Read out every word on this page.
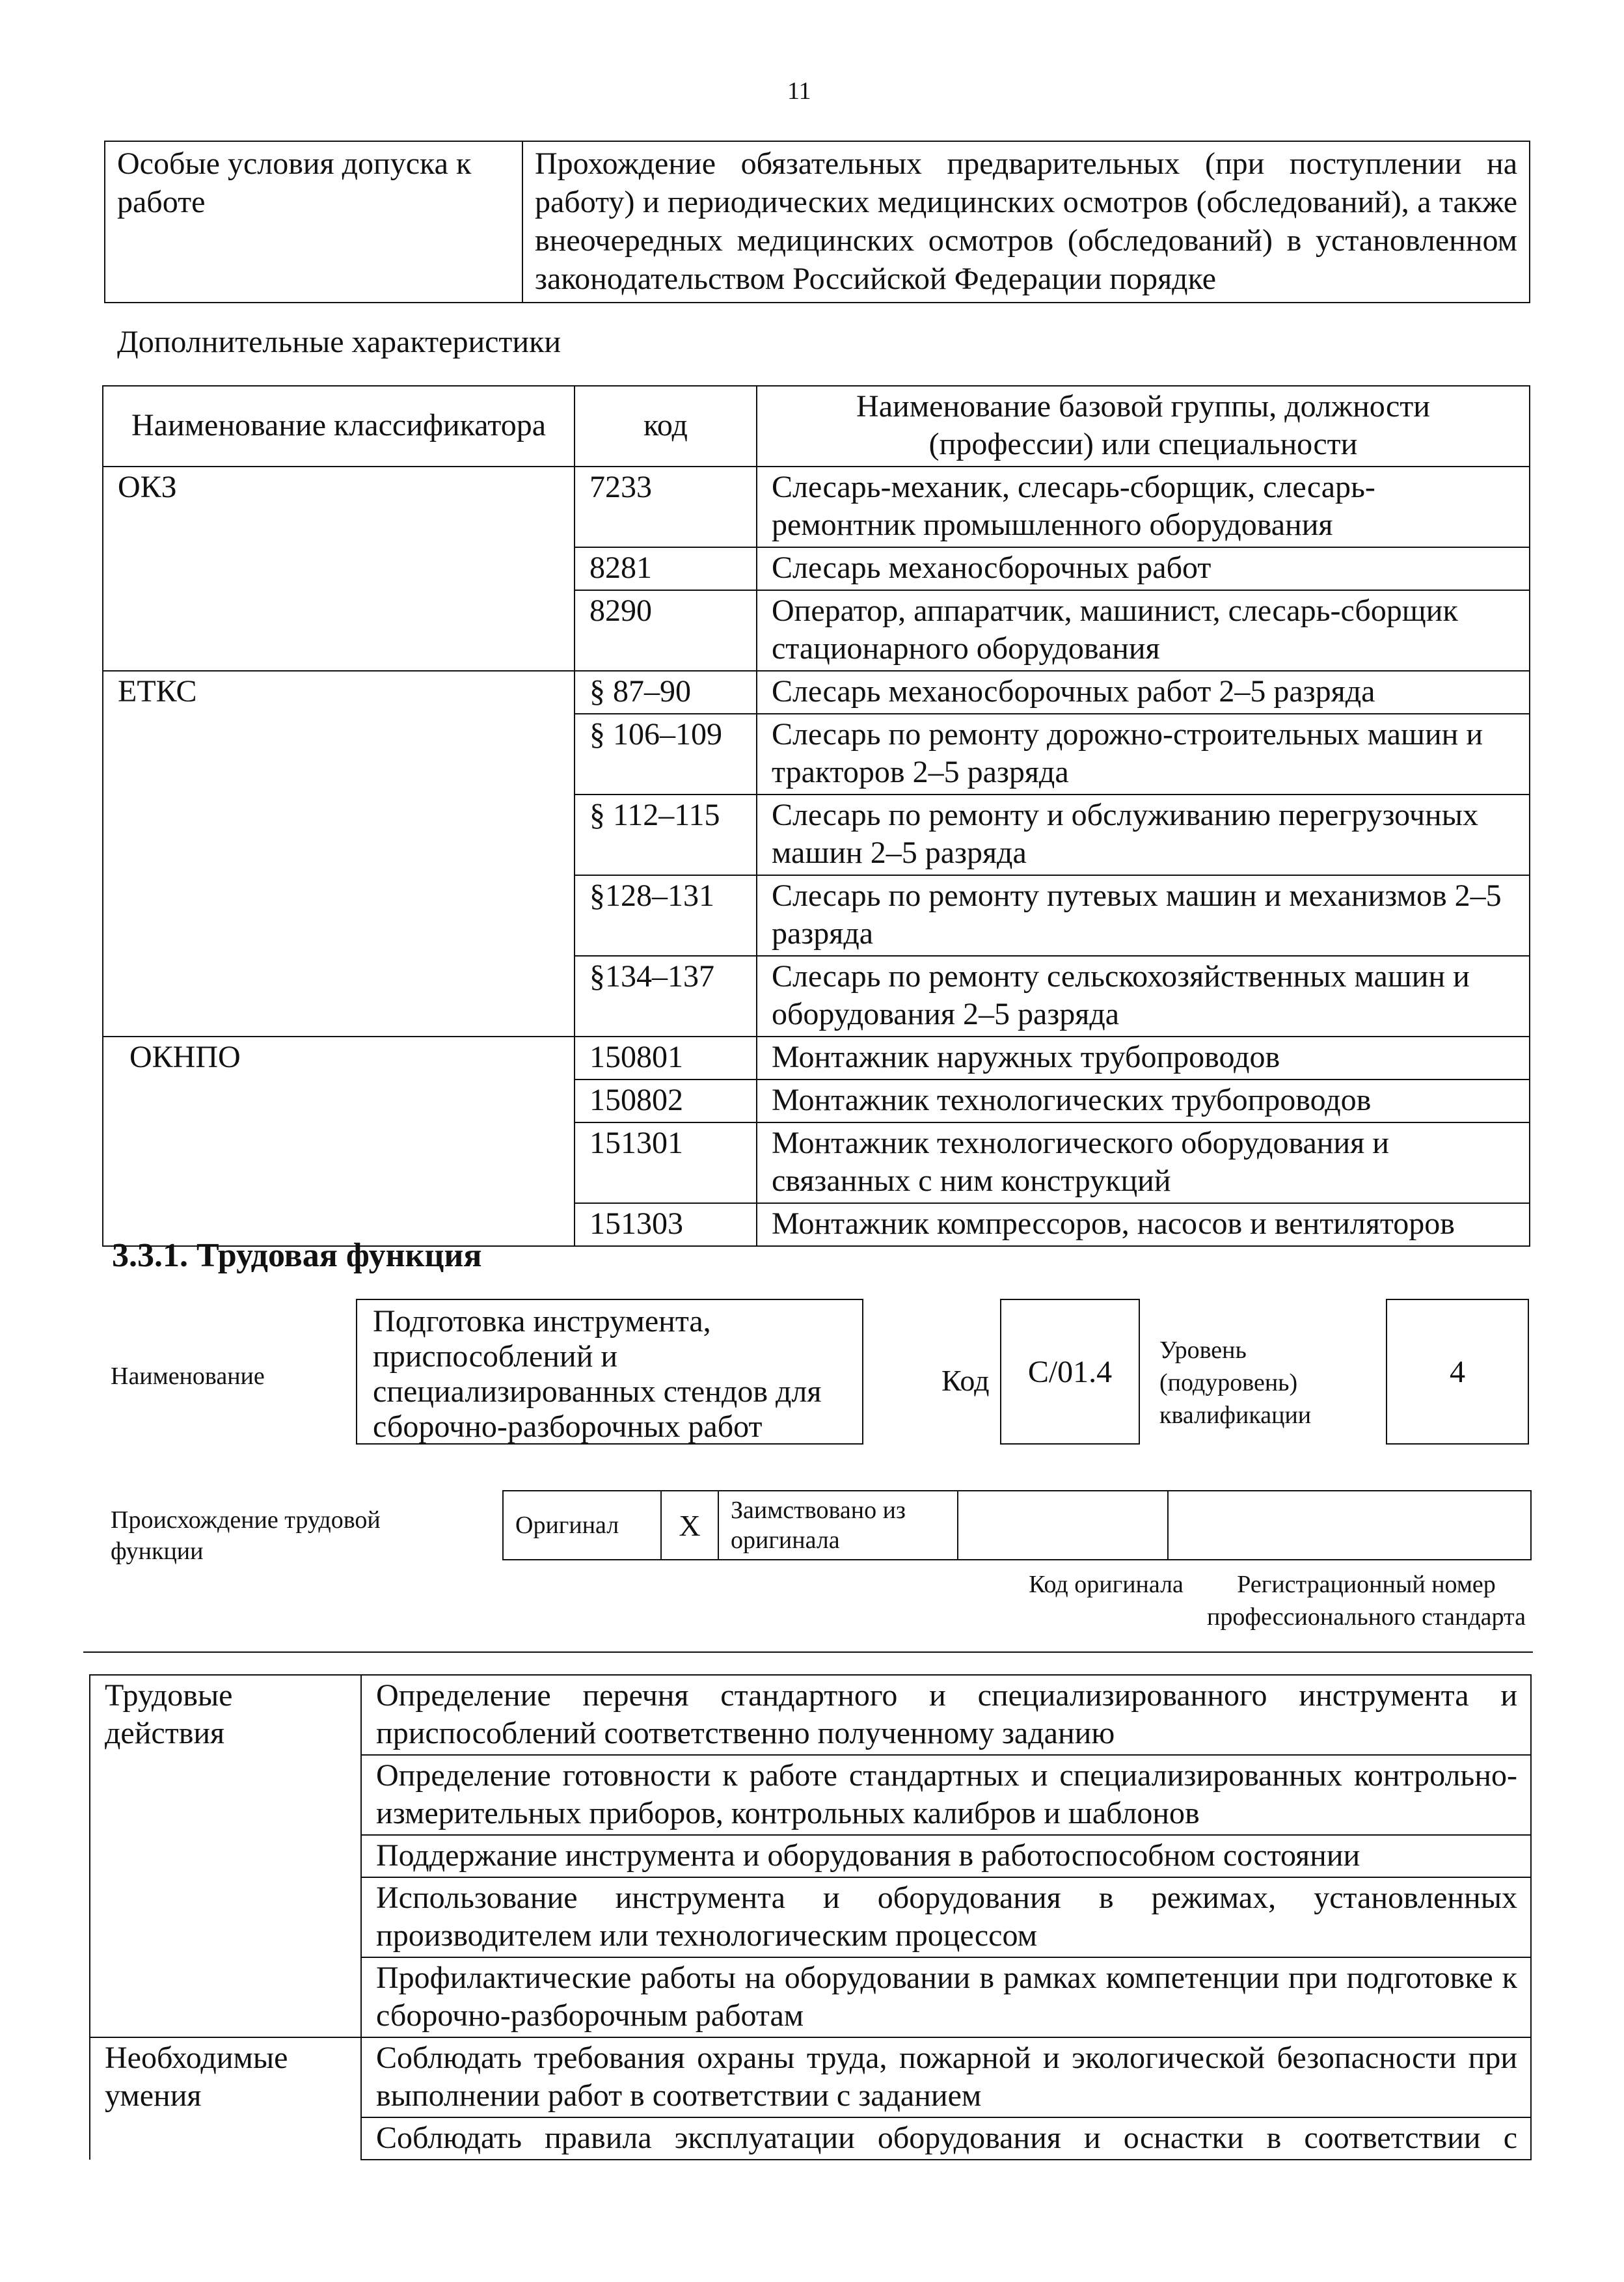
11
Особые условия допуска к работе	Прохождение обязательных предварительных (при поступлении на работу) и периодических медицинских осмотров (обследований), а также внеочередных медицинских осмотров (обследований) в установленном законодательством Российской Федерации порядке
Дополнительные характеристики
Наименование классификатора	код	Наименование базовой группы, должности (профессии) или специальности
ОКЗ	7233	Слесарь-механик, слесарь-сборщик, слесарь-ремонтник промышленного оборудования
	8281	Слесарь механосборочных работ
	8290	Оператор, аппаратчик, машинист, слесарь-сборщик стационарного оборудования
ЕТКС	§ 87–90	Слесарь механосборочных работ 2–5 разряда
	§ 106–109	Слесарь по ремонту дорожно-строительных машин и тракторов 2–5 разряда
	§ 112–115	Слесарь по ремонту и обслуживанию перегрузочных машин 2–5 разряда
	§128–131	Слесарь по ремонту путевых машин и механизмов 2–5 разряда
	§134–137	Слесарь по ремонту сельскохозяйственных машин и оборудования 2–5 разряда
ОКНПО	150801	Монтажник наружных трубопроводов
	150802	Монтажник технологических трубопроводов
	151301	Монтажник технологического оборудования и связанных с ним конструкций
	151303	Монтажник компрессоров, насосов и вентиляторов
3.3.1. Трудовая функция
Наименование
Подготовка инструмента, приспособлений и специализированных стендов для сборочно-разборочных работ
Код	C/01.4
Уровень (подуровень) квалификации
4
Происхождение трудовой функции
Оригинал	X	Заимствовано из оригинала		
Код оригинала	Регистрационный номер профессионального стандарта
Трудовые действия	Определение перечня стандартного и специализированного инструмента и приспособлений соответственно полученному заданию
	Определение готовности к работе стандартных и специализированных контрольно-измерительных приборов, контрольных калибров и шаблонов
	Поддержание инструмента и оборудования в работоспособном состоянии
	Использование инструмента и оборудования в режимах, установленных производителем или технологическим процессом
	Профилактические работы на оборудовании в рамках компетенции при подготовке к сборочно-разборочным работам
Необходимые умения	Соблюдать требования охраны труда, пожарной и экологической безопасности при выполнении работ в соответствии с заданием
	Соблюдать правила эксплуатации оборудования и оснастки в соответствии с
